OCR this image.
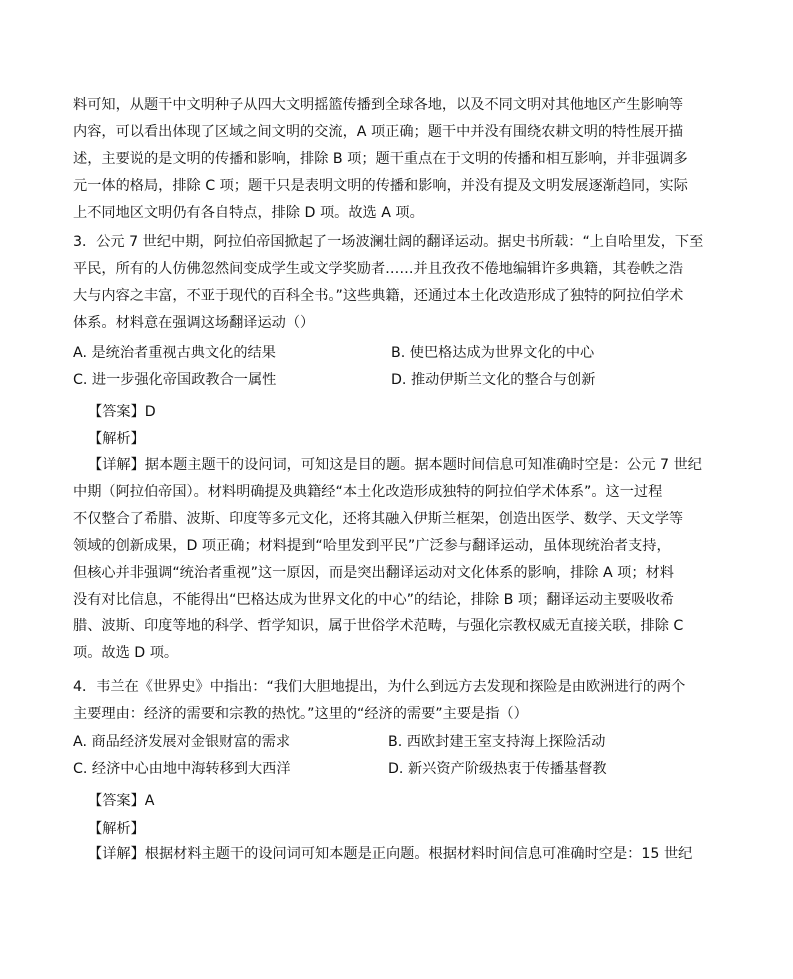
料可知，从题干中文明种子从四大文明摇篮传播到全球各地，以及不同文明对其他地区产生影响等
内容，可以看出体现了区域之间文明的交流，A 项正确；题干中并没有围绕农耕文明的特性展开描
述，主要说的是文明的传播和影响，排除 B 项；题干重点在于文明的传播和相互影响，并非强调多
元一体的格局，排除 C 项；题干只是表明文明的传播和影响，并没有提及文明发展逐渐趋同，实际
上不同地区文明仍有各自特点，排除 D 项。故选 A 项。
3．公元 7 世纪中期，阿拉伯帝国掀起了一场波澜壮阔的翻译运动。据史书所载：“上自哈里发，下至
平民，所有的人仿佛忽然间变成学生或文学奖励者……并且孜孜不倦地编辑许多典籍，其卷帙之浩
大与内容之丰富，不亚于现代的百科全书。”这些典籍，还通过本土化改造形成了独特的阿拉伯学术
体系。材料意在强调这场翻译运动（）
A. 是统治者重视古典文化的结果	B. 使巴格达成为世界文化的中心
C. 进一步强化帝国政教合一属性	D. 推动伊斯兰文化的整合与创新
【答案】D
【解析】
【详解】据本题主题干的设问词，可知这是目的题。据本题时间信息可知准确时空是：公元 7 世纪
中期（阿拉伯帝国）。材料明确提及典籍经“本土化改造形成独特的阿拉伯学术体系”。这一过程
不仅整合了希腊、波斯、印度等多元文化，还将其融入伊斯兰框架，创造出医学、数学、天文学等
领域的创新成果，D 项正确；材料提到“哈里发到平民”广泛参与翻译运动，虽体现统治者支持，
但核心并非强调“统治者重视”这一原因，而是突出翻译运动对文化体系的影响，排除 A 项；材料
没有对比信息，不能得出“巴格达成为世界文化的中心”的结论，排除 B 项；翻译运动主要吸收希
腊、波斯、印度等地的科学、哲学知识，属于世俗学术范畴，与强化宗教权威无直接关联，排除 C
项。故选 D 项。
4．韦兰在《世界史》中指出：“我们大胆地提出，为什么到远方去发现和探险是由欧洲进行的两个
主要理由：经济的需要和宗教的热忱。”这里的“经济的需要”主要是指（）
A. 商品经济发展对金银财富的需求	B. 西欧封建王室支持海上探险活动
C. 经济中心由地中海转移到大西洋	D. 新兴资产阶级热衷于传播基督教
【答案】A
【解析】
【详解】根据材料主题干的设问词可知本题是正向题。根据材料时间信息可准确时空是：15 世纪
